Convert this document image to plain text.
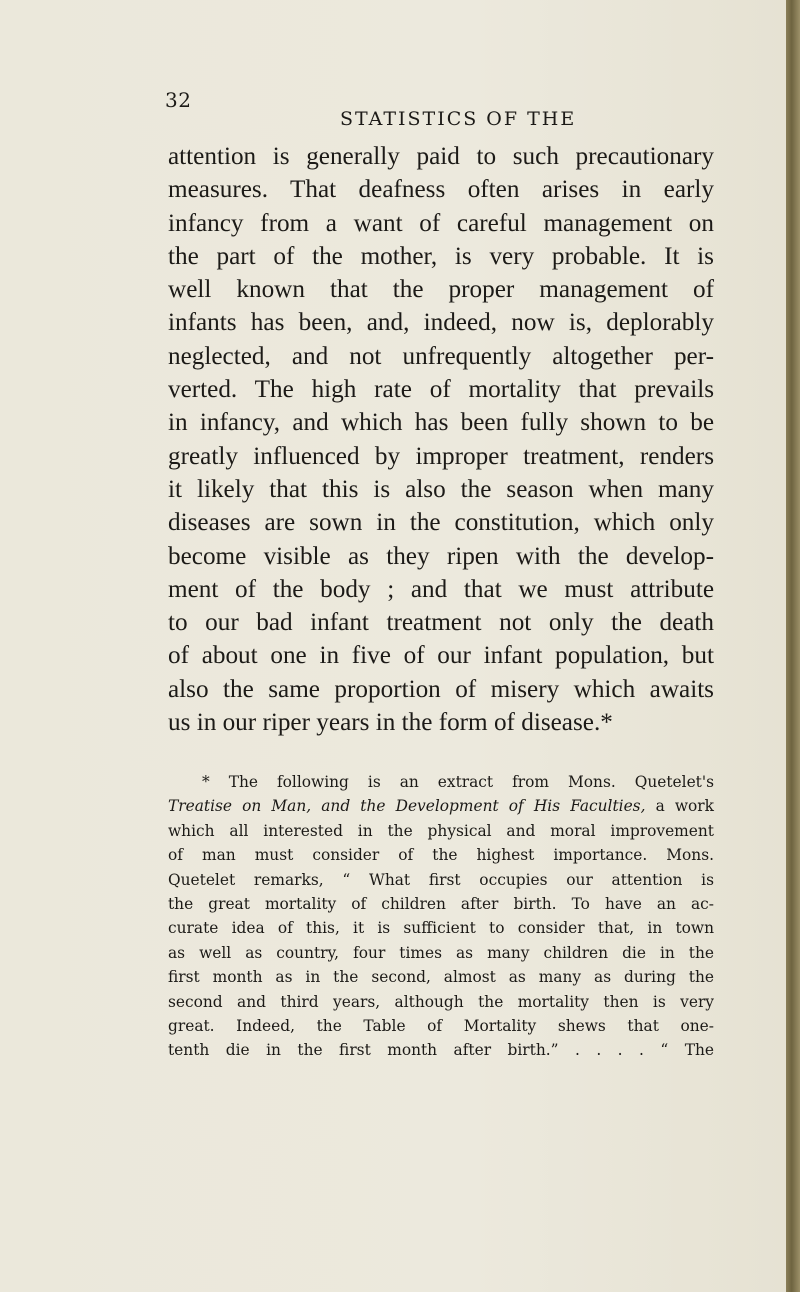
32
STATISTICS OF THE
attention is generally paid to such precautionary
measures. That deafness often arises in early
infancy from a want of careful management on
the part of the mother, is very probable. It is
well known that the proper management of
infants has been, and, indeed, now is, deplorably
neglected, and not unfrequently altogether per-
verted. The high rate of mortality that prevails
in infancy, and which has been fully shown to be
greatly influenced by improper treatment, renders
it likely that this is also the season when many
diseases are sown in the constitution, which only
become visible as they ripen with the develop-
ment of the body ; and that we must attribute
to our bad infant treatment not only the death
of about one in five of our infant population, but
also the same proportion of misery which awaits
us in our riper years in the form of disease.*
* The following is an extract from Mons. Quetelet's
Treatise on Man, and the Development of His Faculties, a work
which all interested in the physical and moral improvement
of man must consider of the highest importance. Mons.
Quetelet remarks, “ What first occupies our attention is
the great mortality of children after birth. To have an ac-
curate idea of this, it is sufficient to consider that, in town
as well as country, four times as many children die in the
first month as in the second, almost as many as during the
second and third years, although the mortality then is very
great. Indeed, the Table of Mortality shews that one-
tenth die in the first month after birth.” . . . . “ The
